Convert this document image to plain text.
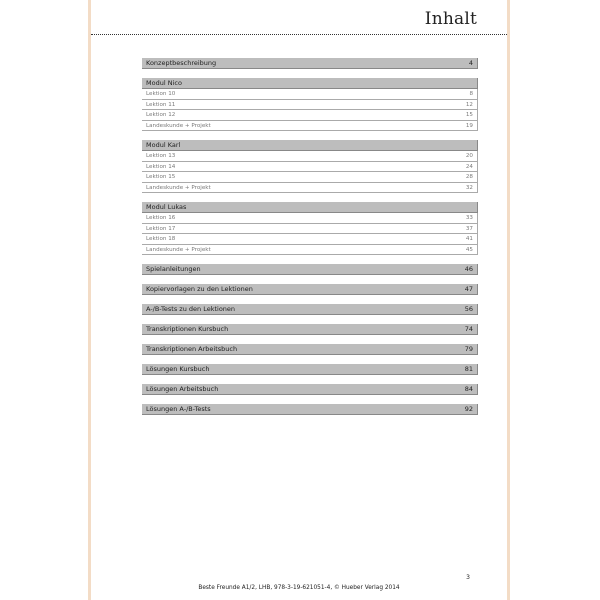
Inhalt
Konzeptbeschreibung	4
Modul Nico
Lektion 10	8
Lektion 11	12
Lektion 12	15
Landeskunde + Projekt	19
Modul Karl
Lektion 13	20
Lektion 14	24
Lektion 15	28
Landeskunde + Projekt	32
Modul Lukas
Lektion 16	33
Lektion 17	37
Lektion 18	41
Landeskunde + Projekt	45
Spielanleitungen	46
Kopiervorlagen zu den Lektionen	47
A-/B-Tests zu den Lektionen	56
Transkriptionen Kursbuch	74
Transkriptionen Arbeitsbuch	79
Lösungen Kursbuch	81
Lösungen Arbeitsbuch	84
Lösungen A-/B-Tests	92
3
Beste Freunde A1/2, LHB, 978-3-19-621051-4, © Hueber Verlag 2014
